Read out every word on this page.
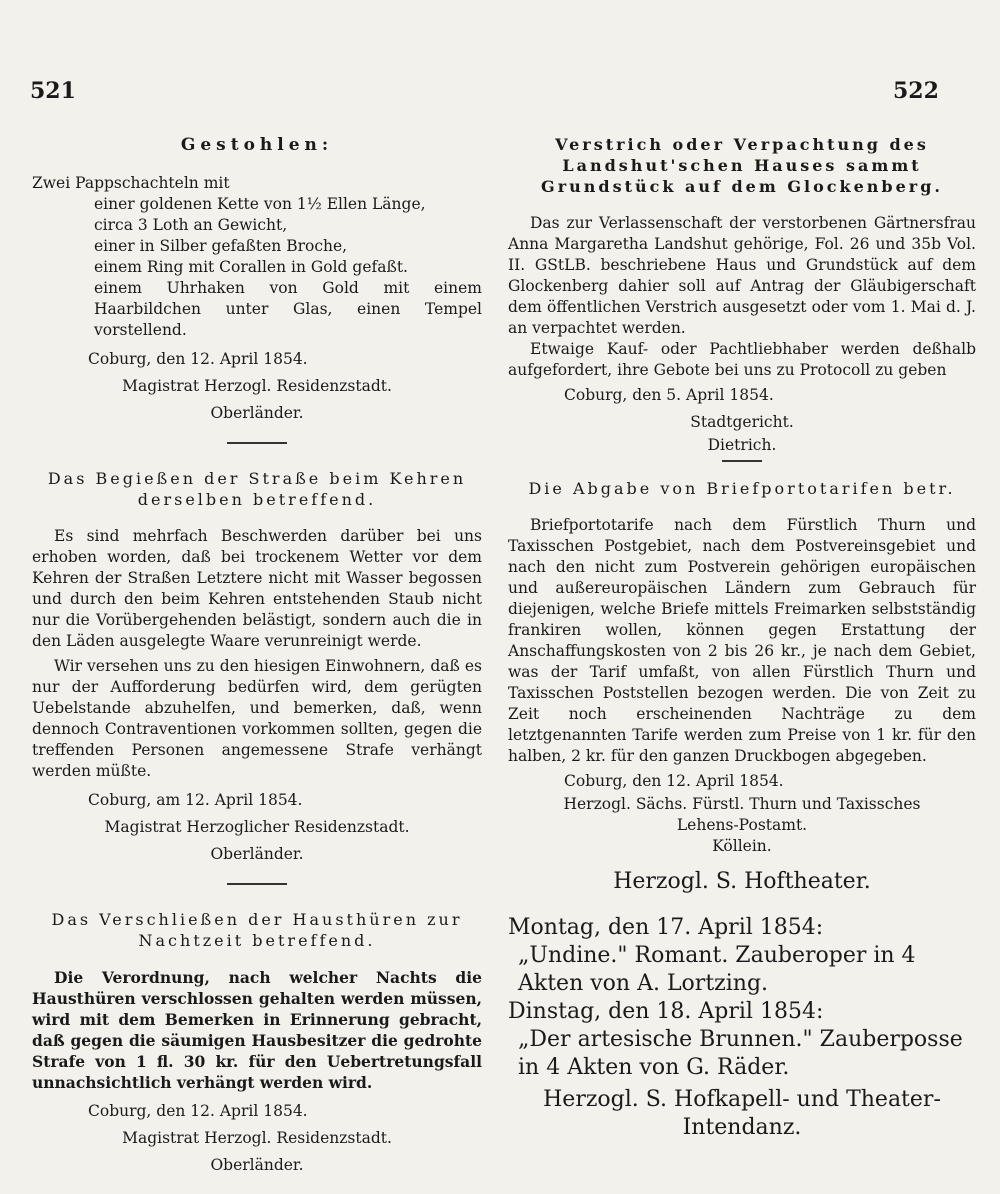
521	522

Gestohlen:

Zwei Pappschachteln mit

einer goldenen Kette von 1½ Ellen Länge,

circa 3 Loth an Gewicht,

einer in Silber gefaßten Broche,

einem Ring mit Corallen in Gold gefaßt.

einem Uhrhaken von Gold mit einem Haarbildchen unter Glas, einen Tempel vorstellend.

Coburg, den 12. April 1854.

Magistrat Herzogl. Residenzstadt.

Oberländer.

Das Begießen der Straße beim Kehren derselben betreffend.

Es sind mehrfach Beschwerden darüber bei uns erhoben worden, daß bei trockenem Wetter vor dem Kehren der Straßen Letztere nicht mit Wasser begossen und durch den beim Kehren entstehenden Staub nicht nur die Vorübergehenden belästigt, sondern auch die in den Läden ausgelegte Waare verunreinigt werde.

Wir versehen uns zu den hiesigen Einwohnern, daß es nur der Aufforderung bedürfen wird, dem gerügten Uebelstande abzuhelfen, und bemerken, daß, wenn dennoch Contraventionen vorkommen sollten, gegen die treffenden Personen angemessene Strafe verhängt werden müßte.

Coburg, am 12. April 1854.

Magistrat Herzoglicher Residenzstadt.

Oberländer.

Das Verschließen der Hausthüren zur Nachtzeit betreffend.

Die Verordnung, nach welcher Nachts die Hausthüren verschlossen gehalten werden müssen, wird mit dem Bemerken in Erinnerung gebracht, daß gegen die säumigen Hausbesitzer die gedrohte Strafe von 1 fl. 30 kr. für den Uebertretungsfall unnachsichtlich verhängt werden wird.

Coburg, den 12. April 1854.

Magistrat Herzogl. Residenzstadt.

Oberländer.

Verstrich oder Verpachtung des Landshut'schen Hauses sammt Grundstück auf dem Glockenberg.

Das zur Verlassenschaft der verstorbenen Gärtnersfrau Anna Margaretha Landshut gehörige, Fol. 26 und 35b Vol. II. GStLB. beschriebene Haus und Grundstück auf dem Glockenberg dahier soll auf Antrag der Gläubigerschaft dem öffentlichen Verstrich ausgesetzt oder vom 1. Mai d. J. an verpachtet werden.

Etwaige Kauf- oder Pachtliebhaber werden deßhalb aufgefordert, ihre Gebote bei uns zu Protocoll zu geben

Coburg, den 5. April 1854.

Stadtgericht.

Dietrich.

Die Abgabe von Briefportotarifen betr.

Briefportotarife nach dem Fürstlich Thurn und Taxisschen Postgebiet, nach dem Postvereinsgebiet und nach den nicht zum Postverein gehörigen europäischen und außereuropäischen Ländern zum Gebrauch für diejenigen, welche Briefe mittels Freimarken selbstständig frankiren wollen, können gegen Erstattung der Anschaffungskosten von 2 bis 26 kr., je nach dem Gebiet, was der Tarif umfaßt, von allen Fürstlich Thurn und Taxisschen Poststellen bezogen werden. Die von Zeit zu Zeit noch erscheinenden Nachträge zu dem letztgenannten Tarife werden zum Preise von 1 kr. für den halben, 2 kr. für den ganzen Druckbogen abgegeben.

Coburg, den 12. April 1854.

Herzogl. Sächs. Fürstl. Thurn und Taxissches

Lehens-Postamt.

Köllein.

Herzogl. S. Hoftheater.

Montag, den 17. April 1854:

„Undine." Romant. Zauberoper in 4 Akten von A. Lortzing.

Dinstag, den 18. April 1854:

„Der artesische Brunnen." Zauberposse in 4 Akten von G. Räder.

Herzogl. S. Hofkapell- und Theater-Intendanz.
